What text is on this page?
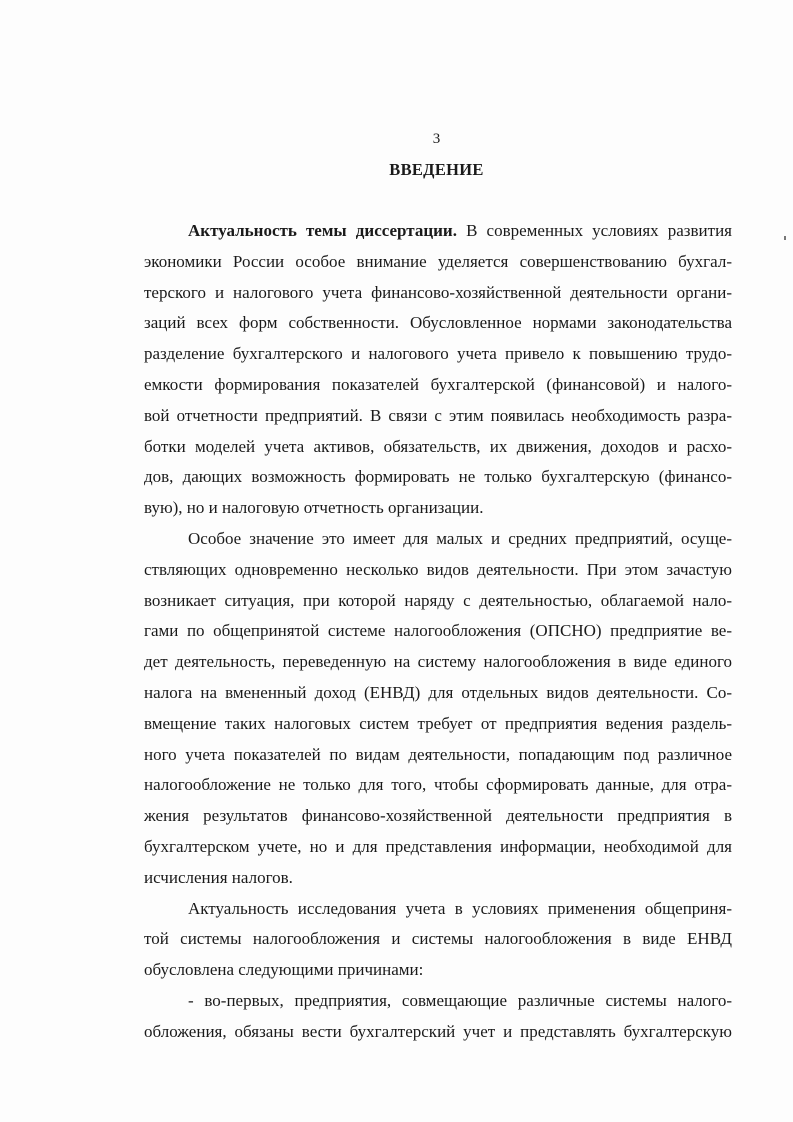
3
ВВЕДЕНИЕ
Актуальность темы диссертации. В современных условиях развития
экономики России особое внимание уделяется совершенствованию бухгал-
терского и налогового учета финансово-хозяйственной деятельности органи-
заций всех форм собственности. Обусловленное нормами законодательства
разделение бухгалтерского и налогового учета привело к повышению трудо-
емкости формирования показателей бухгалтерской (финансовой) и налого-
вой отчетности предприятий. В связи с этим появилась необходимость разра-
ботки моделей учета активов, обязательств, их движения, доходов и расхо-
дов, дающих возможность формировать не только бухгалтерскую (финансо-
вую), но и налоговую отчетность организации.
Особое значение это имеет для малых и средних предприятий, осуще-
ствляющих одновременно несколько видов деятельности. При этом зачастую
возникает ситуация, при которой наряду с деятельностью, облагаемой нало-
гами по общепринятой системе налогообложения (ОПСНО) предприятие ве-
дет деятельность, переведенную на систему налогообложения в виде единого
налога на вмененный доход (ЕНВД) для отдельных видов деятельности. Со-
вмещение таких налоговых систем требует от предприятия ведения раздель-
ного учета показателей по видам деятельности, попадающим под различное
налогообложение не только для того, чтобы сформировать данные, для отра-
жения результатов финансово-хозяйственной деятельности предприятия в
бухгалтерском учете, но и для представления информации, необходимой для
исчисления налогов.
Актуальность исследования учета в условиях применения общеприня-
той системы налогообложения и системы налогообложения в виде ЕНВД
обусловлена следующими причинами:
- во-первых, предприятия, совмещающие различные системы налого-
обложения, обязаны вести бухгалтерский учет и представлять бухгалтерскую
